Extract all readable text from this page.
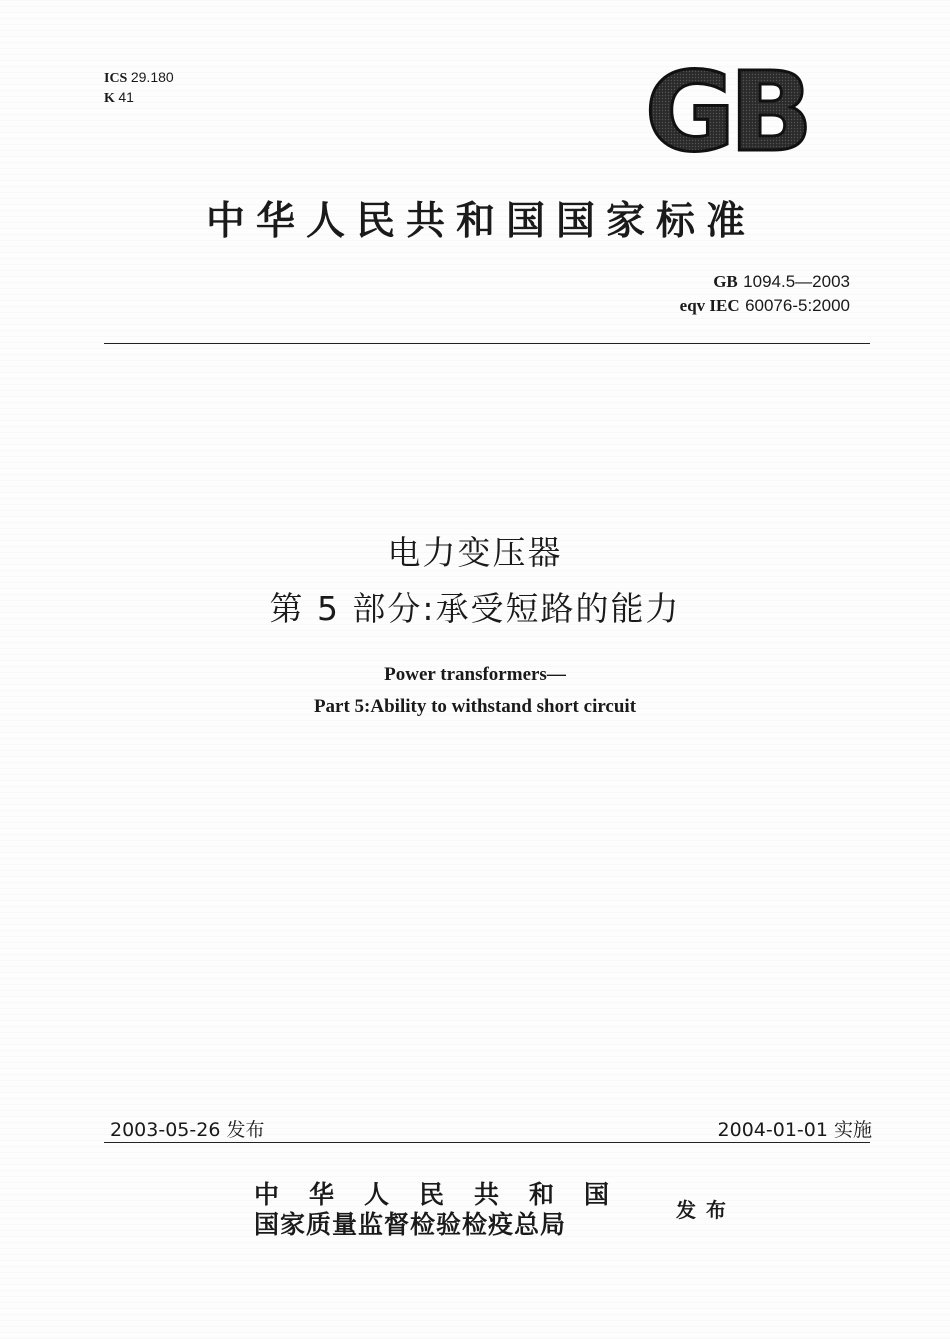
ICS 29.180
K 41	GB
中华人民共和国国家标准
GB 1094.5—2003
eqv IEC 60076-5:2000
电力变压器
第 5 部分:承受短路的能力
Power transformers—
Part 5:Ability to withstand short circuit
2003-05-26 发布	2004-01-01 实施
中华人民共和国
国家质量监督检验检疫总局	发布
